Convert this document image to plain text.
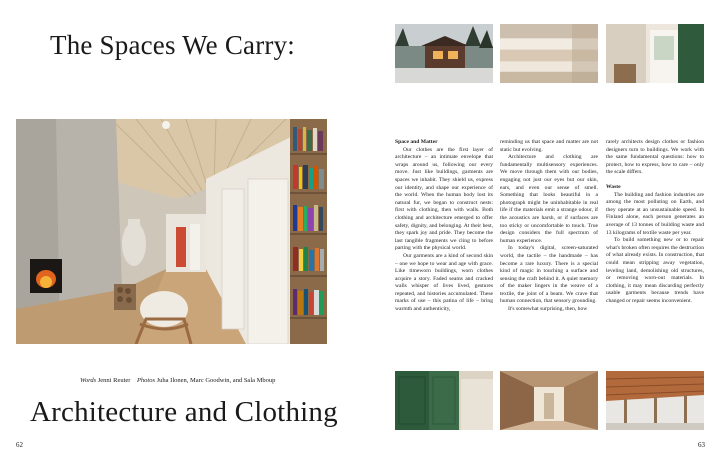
The Spaces We Carry:
Words Jenni Reuter Photos Juha Ilonen, Marc Goodwin, and Sala Mboup
Architecture and Clothing
62	63

Space and Matter

Our clothes are the first layer of architecture – an intimate envelope that wraps around us, following our every move. Just like buildings, garments are spaces we inhabit. They shield us, express our identity, and shape our experience of the world. When the human body lost its natural fur, we began to construct nests: first with clothing, then with walls. Both clothing and architecture emerged to offer safety, dignity, and belonging. At their best, they spark joy and pride. They become the last tangible fragments we cling to before parting with the physical world.

Our garments are a kind of second skin – one we hope to wear and age with grace. Like timeworn buildings, worn clothes acquire a story. Faded seams and cracked walls whisper of lives lived, gestures repeated, and histories accumulated. These marks of use – this patina of life – bring warmth and authenticity,

reminding us that space and matter are not static but evolving.

Architecture and clothing are fundamentally multisensory experiences. We move through them with our bodies, engaging not just our eyes but our skin, ears, and even our sense of smell. Something that looks beautiful in a photograph might be uninhabitable in real life if the materials emit a strange odour, if the acoustics are harsh, or if surfaces are too sticky or uncomfortable to touch. True design considers the full spectrum of human experience.

In today's digital, screen-saturated world, the tactile – the handmade – has become a rare luxury. There is a special kind of magic in touching a surface and sensing the craft behind it. A quiet memory of the maker lingers in the weave of a textile, the joint of a beam. We crave that human connection, that sensory grounding.

It's somewhat surprising, then, how

rarely architects design clothes or fashion designers turn to buildings. We work with the same fundamental questions: how to protect, how to express, how to care – only the scale differs.

Waste

The building and fashion industries are among the most polluting on Earth, and they operate at an unsustainable speed. In Finland alone, each person generates an average of 13 tonnes of building waste and 13 kilograms of textile waste per year.

To build something new or to repair what's broken often requires the destruction of what already exists. In construction, that could mean stripping away vegetation, leveling land, demolishing old structures, or removing worn-out materials. In clothing, it may mean discarding perfectly usable garments because trends have changed or repair seems inconvenient.
